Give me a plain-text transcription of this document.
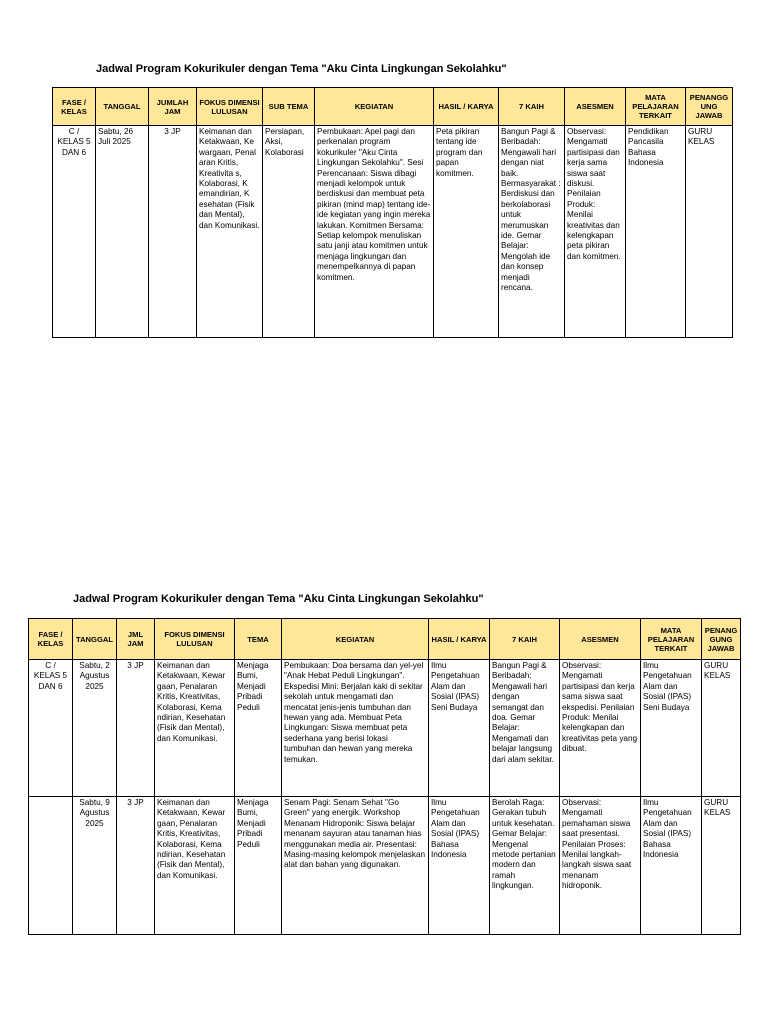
Jadwal Program Kokurikuler dengan Tema "Aku Cinta Lingkungan Sekolahku"
FASE / KELAS	TANGGAL	JUMLAH JAM	FOKUS DIMENSI LULUSAN	SUB TEMA	KEGIATAN	HASIL / KARYA	7 KAIH	ASESMEN	MATA PELAJARAN TERKAIT	PENANGG UNG JAWAB
C / KELAS 5 DAN 6	Sabtu, 26 Juli 2025	3 JP	Keimanan dan Ketakwaan, Ke wargaan, Penal aran Kritis, Kreativita s, Kolaborasi, K emandirian, K esehatan (Fisik dan Mental), dan Komunikasi.	Persiapan, Aksi, Kolaborasi	Pembukaan: Apel pagi dan perkenalan program kokurikuler "Aku Cinta Lingkungan Sekolahku". Sesi Perencanaan: Siswa dibagi menjadi kelompok untuk berdiskusi dan membuat peta pikiran (mind map) tentang ide-ide kegiatan yang ingin mereka lakukan. Komitmen Bersama: Setiap kelompok menuliskan satu janji atau komitmen untuk menjaga lingkungan dan menempelkannya di papan komitmen.	Peta pikiran tentang ide program dan papan komitmen.	Bangun Pagi & Beribadah: Mengawali hari dengan niat baik. Bermasyarakat : Berdiskusi dan berkolaborasi untuk merumuskan ide. Gemar Belajar: Mengolah ide dan konsep menjadi rencana.	Observasi: Mengamati partisipasi dan kerja sama siswa saat diskusi. Penilaian Produk: Menilai kreativitas dan kelengkapan peta pikiran dan komitmen.	Pendidikan Pancasila Bahasa Indonesia	GURU KELAS
Jadwal Program Kokurikuler dengan Tema "Aku Cinta Lingkungan Sekolahku"
FASE / KELAS	TANGGAL	JML JAM	FOKUS DIMENSI LULUSAN	TEMA	KEGIATAN	HASIL / KARYA	7 KAIH	ASESMEN	MATA PELAJARAN TERKAIT	PENANG GUNG JAWAB
C / KELAS 5 DAN 6	Sabtu, 2 Agustus 2025	3 JP	Keimanan dan Ketakwaan, Kewar gaan, Penalaran Kritis, Kreativitas, Kolaborasi, Kema ndirian, Kesehatan (Fisik dan Mental), dan Komunikasi.	Menjaga Bumi, Menjadi Pribadi Peduli	Pembukaan: Doa bersama dan yel-yel "Anak Hebat Peduli Lingkungan". Ekspedisi Mini: Berjalan kaki di sekitar sekolah untuk mengamati dan mencatat jenis-jenis tumbuhan dan hewan yang ada. Membuat Peta Lingkungan: Siswa membuat peta sederhana yang berisi lokasi tumbuhan dan hewan yang mereka temukan.	Ilmu Pengetahuan Alam dan Sosial (IPAS) Seni Budaya	Bangun Pagi & Beribadah: Mengawali hari dengan semangat dan doa. Gemar Belajar: Mengamati dan belajar langsung dari alam sekitar.	Observasi: Mengamati partisipasi dan kerja sama siswa saat ekspedisi. Penilaian Produk: Menilai kelengkapan dan kreativitas peta yang dibuat.	Ilmu Pengetahuan Alam dan Sosial (IPAS) Seni Budaya	GURU KELAS
	Sabtu, 9 Agustus 2025	3 JP	Keimanan dan Ketakwaan, Kewar gaan, Penalaran Kritis, Kreativitas, Kolaborasi, Kema ndirian, Kesehatan (Fisik dan Mental), dan Komunikasi.	Menjaga Bumi, Menjadi Pribadi Peduli	Senam Pagi: Senam Sehat "Go Green" yang energik. Workshop Menanam Hidroponik: Siswa belajar menanam sayuran atau tanaman hias menggunakan media air. Presentasi: Masing-masing kelompok menjelaskan alat dan bahan yang digunakan.	Ilmu Pengetahuan Alam dan Sosial (IPAS) Bahasa Indonesia	Berolah Raga: Gerakan tubuh untuk kesehatan. Gemar Belajar: Mengenal metode pertanian modern dan ramah lingkungan.	Observasi: Mengamati pemahaman siswa saat presentasi. Penilaian Proses: Menilai langkah-langkah siswa saat menanam hidroponik.	Ilmu Pengetahuan Alam dan Sosial (IPAS) Bahasa Indonesia	GURU KELAS
